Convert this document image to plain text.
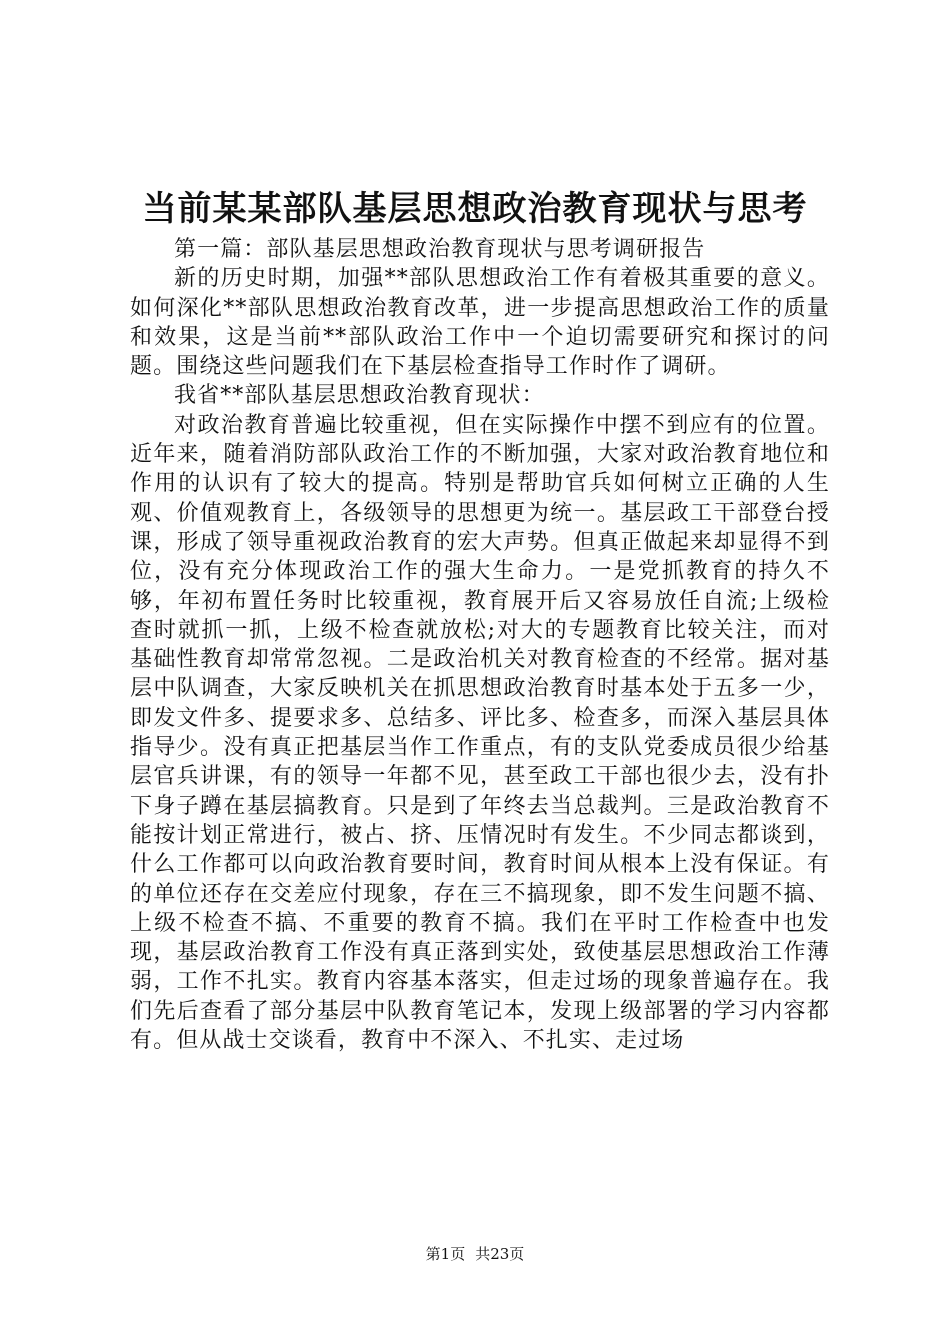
当前某某部队基层思想政治教育现状与思考

第一篇：部队基层思想政治教育现状与思考调研报告

新的历史时期，加强**部队思想政治工作有着极其重要的意义。如何深化**部队思想政治教育改革，进一步提高思想政治工作的质量和效果，这是当前**部队政治工作中一个迫切需要研究和探讨的问题。围绕这些问题我们在下基层检查指导工作时作了调研。

我省**部队基层思想政治教育现状：

对政治教育普遍比较重视，但在实际操作中摆不到应有的位置。近年来，随着消防部队政治工作的不断加强，大家对政治教育地位和作用的认识有了较大的提高。特别是帮助官兵如何树立正确的人生观、价值观教育上，各级领导的思想更为统一。基层政工干部登台授课，形成了领导重视政治教育的宏大声势。但真正做起来却显得不到位，没有充分体现政治工作的强大生命力。一是党抓教育的持久不够，年初布置任务时比较重视，教育展开后又容易放任自流;上级检查时就抓一抓，上级不检查就放松;对大的专题教育比较关注，而对基础性教育却常常忽视。二是政治机关对教育检查的不经常。据对基层中队调查，大家反映机关在抓思想政治教育时基本处于五多一少，即发文件多、提要求多、总结多、评比多、检查多，而深入基层具体指导少。没有真正把基层当作工作重点，有的支队党委成员很少给基层官兵讲课，有的领导一年都不见，甚至政工干部也很少去，没有扑下身子蹲在基层搞教育。只是到了年终去当总裁判。三是政治教育不能按计划正常进行，被占、挤、压情况时有发生。不少同志都谈到，什么工作都可以向政治教育要时间，教育时间从根本上没有保证。有的单位还存在交差应付现象，存在三不搞现象，即不发生问题不搞、上级不检查不搞、不重要的教育不搞。我们在平时工作检查中也发现，基层政治教育工作没有真正落到实处，致使基层思想政治工作薄弱，工作不扎实。教育内容基本落实，但走过场的现象普遍存在。我们先后查看了部分基层中队教育笔记本，发现上级部署的学习内容都有。但从战士交谈看，教育中不深入、不扎实、走过场

第1页 共23页
